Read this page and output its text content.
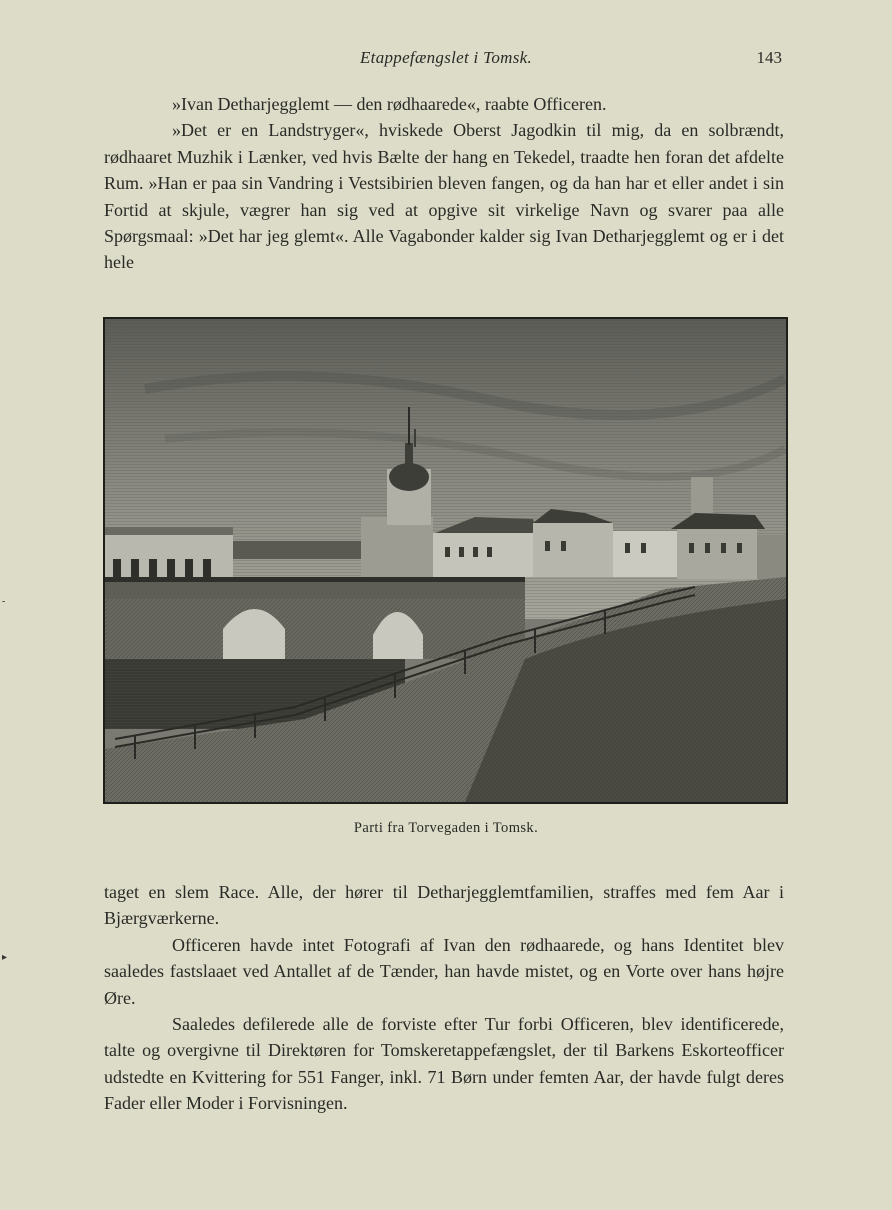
Etappefængslet i Tomsk.	143

»Ivan Detharjegglemt — den rødhaarede«, raabte Officeren.

»Det er en Landstryger«, hviskede Oberst Jagodkin til mig, da en solbrændt, rødhaaret Muzhik i Lænker, ved hvis Bælte der hang en Tekedel, traadte hen foran det afdelte Rum. »Han er paa sin Vandring i Vestsibirien bleven fangen, og da han har et eller andet i sin Fortid at skjule, vægrer han sig ved at opgive sit virkelige Navn og svarer paa alle Spørgsmaal: »Det har jeg glemt«. Alle Vagabonder kalder sig Ivan Detharjegglemt og er i det hele

Parti fra Torvegaden i Tomsk.

taget en slem Race. Alle, der hører til Detharjegglemtfamilien, straffes med fem Aar i Bjærgværkerne.

Officeren havde intet Fotografi af Ivan den rødhaarede, og hans Identitet blev saaledes fastslaaet ved Antallet af de Tænder, han havde mistet, og en Vorte over hans højre Øre.

Saaledes defilerede alle de forviste efter Tur forbi Officeren, blev identificerede, talte og overgivne til Direktøren for Tomskeretappefængslet, der til Barkens Eskorteofficer udstedte en Kvittering for 551 Fanger, inkl. 71 Børn under femten Aar, der havde fulgt deres Fader eller Moder i Forvisningen.

-
▸
